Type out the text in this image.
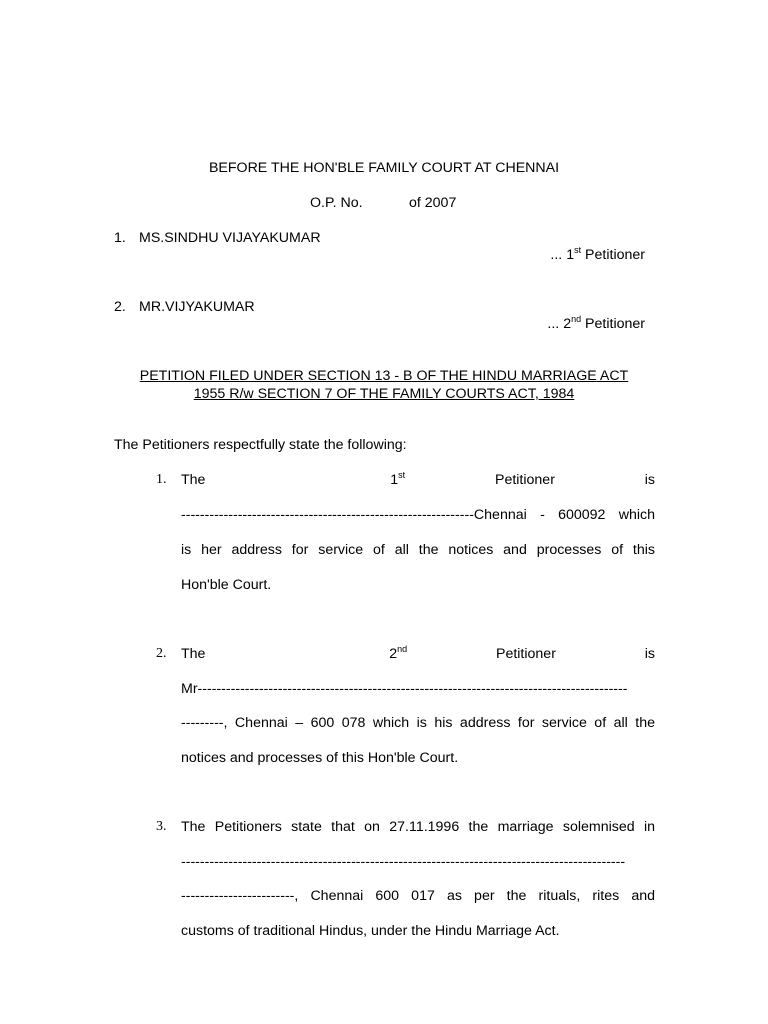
BEFORE THE HON'BLE FAMILY COURT AT CHENNAI
O.P. No.	of 2007
1. MS.SINDHU VIJAYAKUMAR
... 1st Petitioner
2. MR.VIJYAKUMAR
... 2nd Petitioner
PETITION FILED UNDER SECTION 13 - B OF THE HINDU MARRIAGE ACT
1955 R/w SECTION 7 OF THE FAMILY COURTS ACT, 1984
The Petitioners respectfully state the following:
1. The	1st	Petitioner	is
--------------------------------------------------------------Chennai - 600092 which
is her address for service of all the notices and processes of this
Hon'ble Court.
2. The	2nd	Petitioner	is
Mr-------------------------------------------------------------------------------------------
---------, Chennai – 600 078 which is his address for service of all the
notices and processes of this Hon'ble Court.
3. The Petitioners state that on 27.11.1996 the marriage solemnised in
----------------------------------------------------------------------------------------------
------------------------, Chennai 600 017 as per the rituals, rites and
customs of traditional Hindus, under the Hindu Marriage Act.
